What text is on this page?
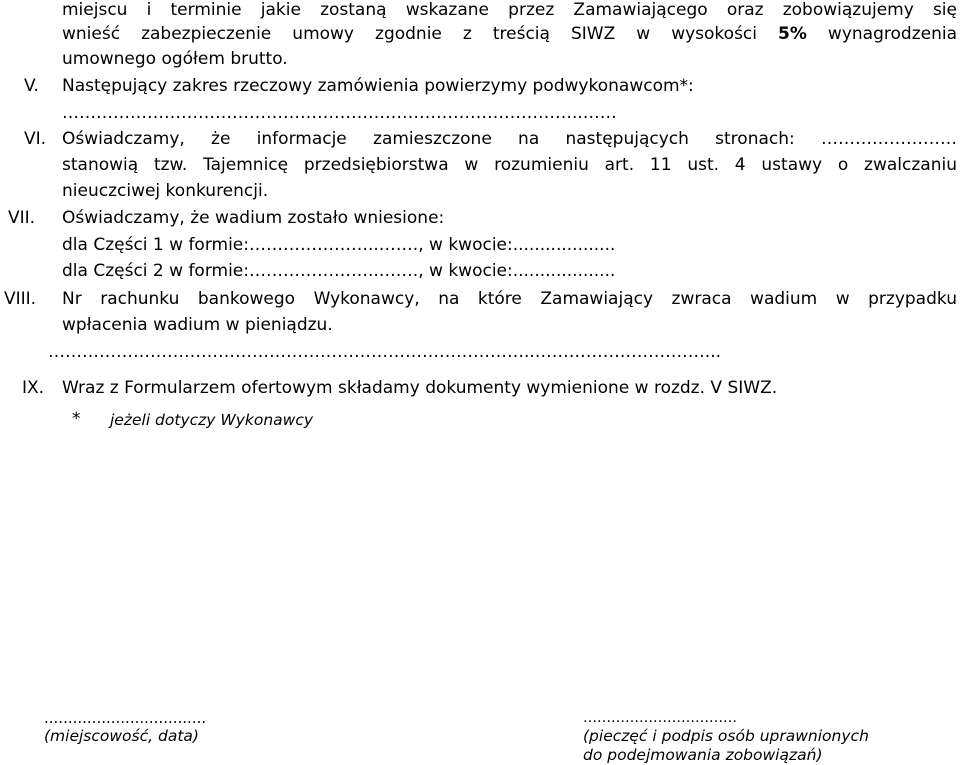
miejscu i terminie jakie zostaną wskazane przez Zamawiającego oraz zobowiązujemy się
wnieść zabezpieczenie umowy zgodnie z treścią SIWZ w wysokości 5% wynagrodzenia
umownego ogółem brutto.
V. Następujący zakres rzeczowy zamówienia powierzymy podwykonawcom*:
………………………………………………………………………………..……
VI. Oświadczamy, że informacje zamieszczone na następujących stronach: ……………………
stanowią tzw. Tajemnicę przedsiębiorstwa w rozumieniu art. 11 ust. 4 ustawy o zwalczaniu
nieuczciwej konkurencji.
VII. Oświadczamy, że wadium zostało wniesione:
dla Części 1 w formie:…………………..……., w kwocie:...................
dla Części 2 w formie:…………………..……., w kwocie:...................
VIII. Nr rachunku bankowego Wykonawcy, na które Zamawiający zwraca wadium w przypadku
wpłacenia wadium w pieniądzu.
…………………………………………………………………………..…………………………...
IX. Wraz z Formularzem ofertowym składamy dokumenty wymienione w rozdz. V SIWZ.
* jeżeli dotyczy Wykonawcy
..................................
(miejscowość, data)
……………………………
(pieczęć i podpis osób uprawnionych
do podejmowania zobowiązań)
